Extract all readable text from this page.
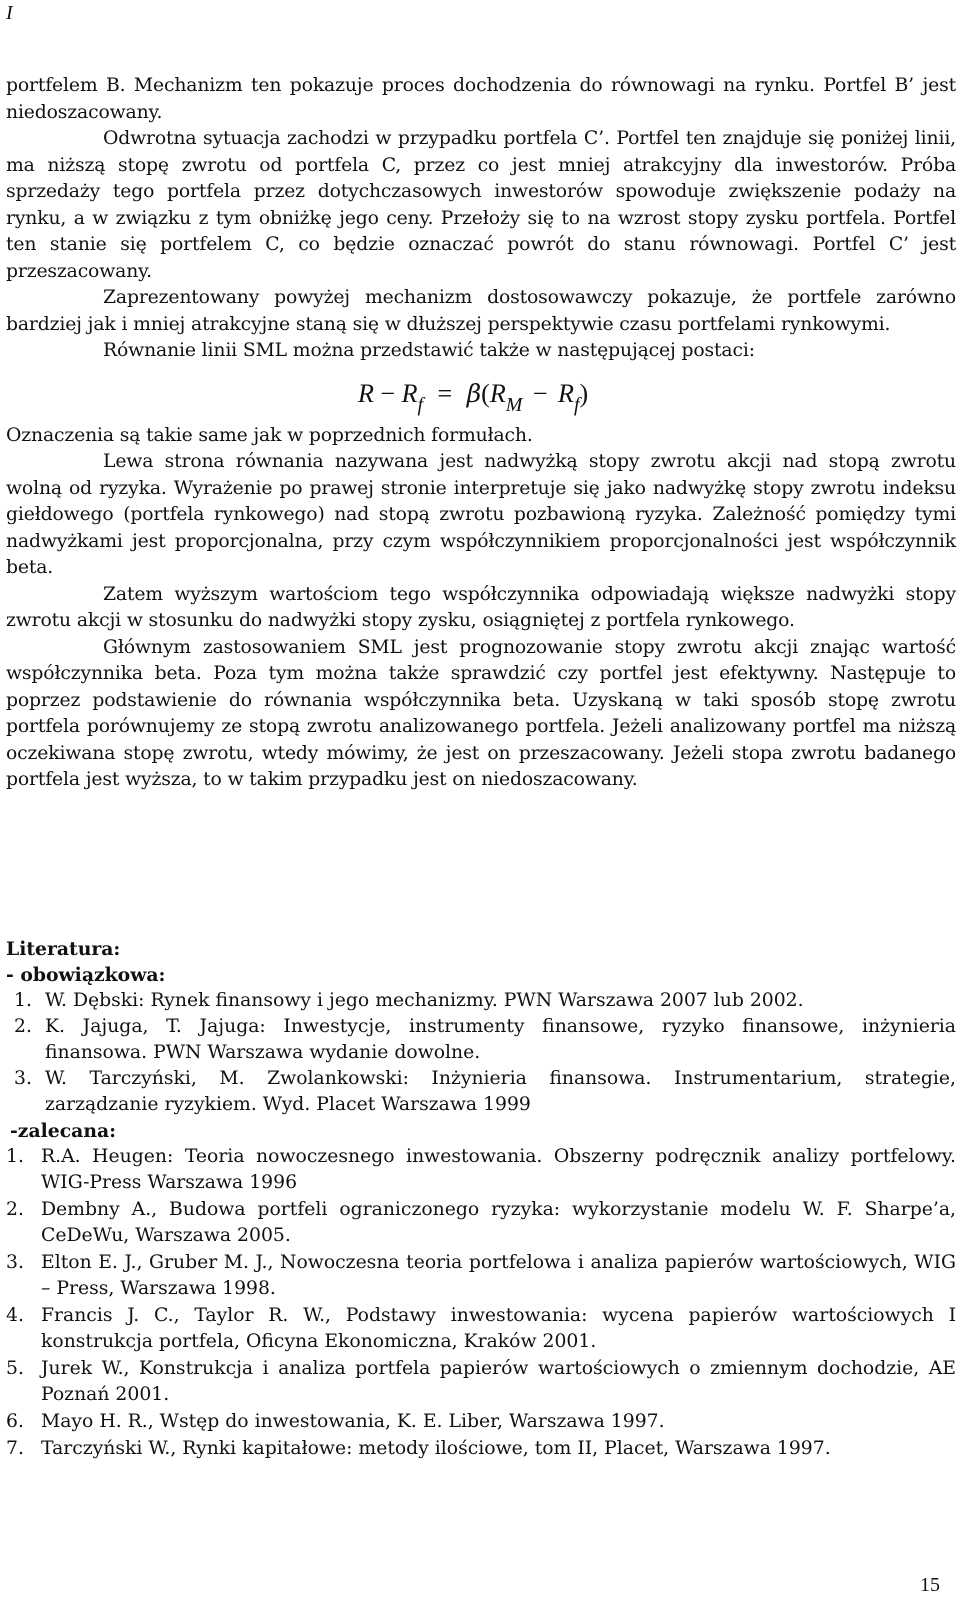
I

portfelem B. Mechanizm ten pokazuje proces dochodzenia do równowagi na rynku. Portfel B’ jest niedoszacowany.

Odwrotna sytuacja zachodzi w przypadku portfela C’. Portfel ten znajduje się poniżej linii, ma niższą stopę zwrotu od portfela C, przez co jest mniej atrakcyjny dla inwestorów. Próba sprzedaży tego portfela przez dotychczasowych inwestorów spowoduje zwiększenie podaży na rynku, a w związku z tym obniżkę jego ceny. Przełoży się to na wzrost stopy zysku portfela. Portfel ten stanie się portfelem C, co będzie oznaczać powrót do stanu równowagi. Portfel C’ jest przeszacowany.

Zaprezentowany powyżej mechanizm dostosowawczy pokazuje, że portfele zarówno bardziej jak i mniej atrakcyjne staną się w dłuższej perspektywie czasu portfelami rynkowymi.

Równanie linii SML można przedstawić także w następującej postaci:

$R - R_f = \beta(R_M - R_f)$

Oznaczenia są takie same jak w poprzednich formułach.

Lewa strona równania nazywana jest nadwyżką stopy zwrotu akcji nad stopą zwrotu wolną od ryzyka. Wyrażenie po prawej stronie interpretuje się jako nadwyżkę stopy zwrotu indeksu giełdowego (portfela rynkowego) nad stopą zwrotu pozbawioną ryzyka. Zależność pomiędzy tymi nadwyżkami jest proporcjonalna, przy czym współczynnikiem proporcjonalności jest współczynnik beta.

Zatem wyższym wartościom tego współczynnika odpowiadają większe nadwyżki stopy zwrotu akcji w stosunku do nadwyżki stopy zysku, osiągniętej z portfela rynkowego.

Głównym zastosowaniem SML jest prognozowanie stopy zwrotu akcji znając wartość współczynnika beta. Poza tym można także sprawdzić czy portfel jest efektywny. Następuje to poprzez podstawienie do równania współczynnika beta. Uzyskaną w taki sposób stopę zwrotu portfela porównujemy ze stopą zwrotu analizowanego portfela. Jeżeli analizowany portfel ma niższą oczekiwana stopę zwrotu, wtedy mówimy, że jest on przeszacowany. Jeżeli stopa zwrotu badanego portfela jest wyższa, to w takim przypadku jest on niedoszacowany.

Literatura:
- obowiązkowa:
1. W. Dębski: Rynek finansowy i jego mechanizmy. PWN Warszawa 2007 lub 2002.
2. K. Jajuga, T. Jajuga: Inwestycje, instrumenty finansowe, ryzyko finansowe, inżynieria finansowa. PWN Warszawa wydanie dowolne.
3. W. Tarczyński, M. Zwolankowski: Inżynieria finansowa. Instrumentarium, strategie, zarządzanie ryzykiem. Wyd. Placet Warszawa 1999
-zalecana:
1. R.A. Heugen: Teoria nowoczesnego inwestowania. Obszerny podręcznik analizy portfelowy. WIG-Press Warszawa 1996
2. Dembny A., Budowa portfeli ograniczonego ryzyka: wykorzystanie modelu W. F. Sharpe’a, CeDeWu, Warszawa 2005.
3. Elton E. J., Gruber M. J., Nowoczesna teoria portfelowa i analiza papierów wartościowych, WIG – Press, Warszawa 1998.
4. Francis J. C., Taylor R. W., Podstawy inwestowania: wycena papierów wartościowych I konstrukcja portfela, Oficyna Ekonomiczna, Kraków 2001.
5. Jurek W., Konstrukcja i analiza portfela papierów wartościowych o zmiennym dochodzie, AE Poznań 2001.
6. Mayo H. R., Wstęp do inwestowania, K. E. Liber, Warszawa 1997.
7. Tarczyński W., Rynki kapitałowe: metody ilościowe, tom II, Placet, Warszawa 1997.
15
